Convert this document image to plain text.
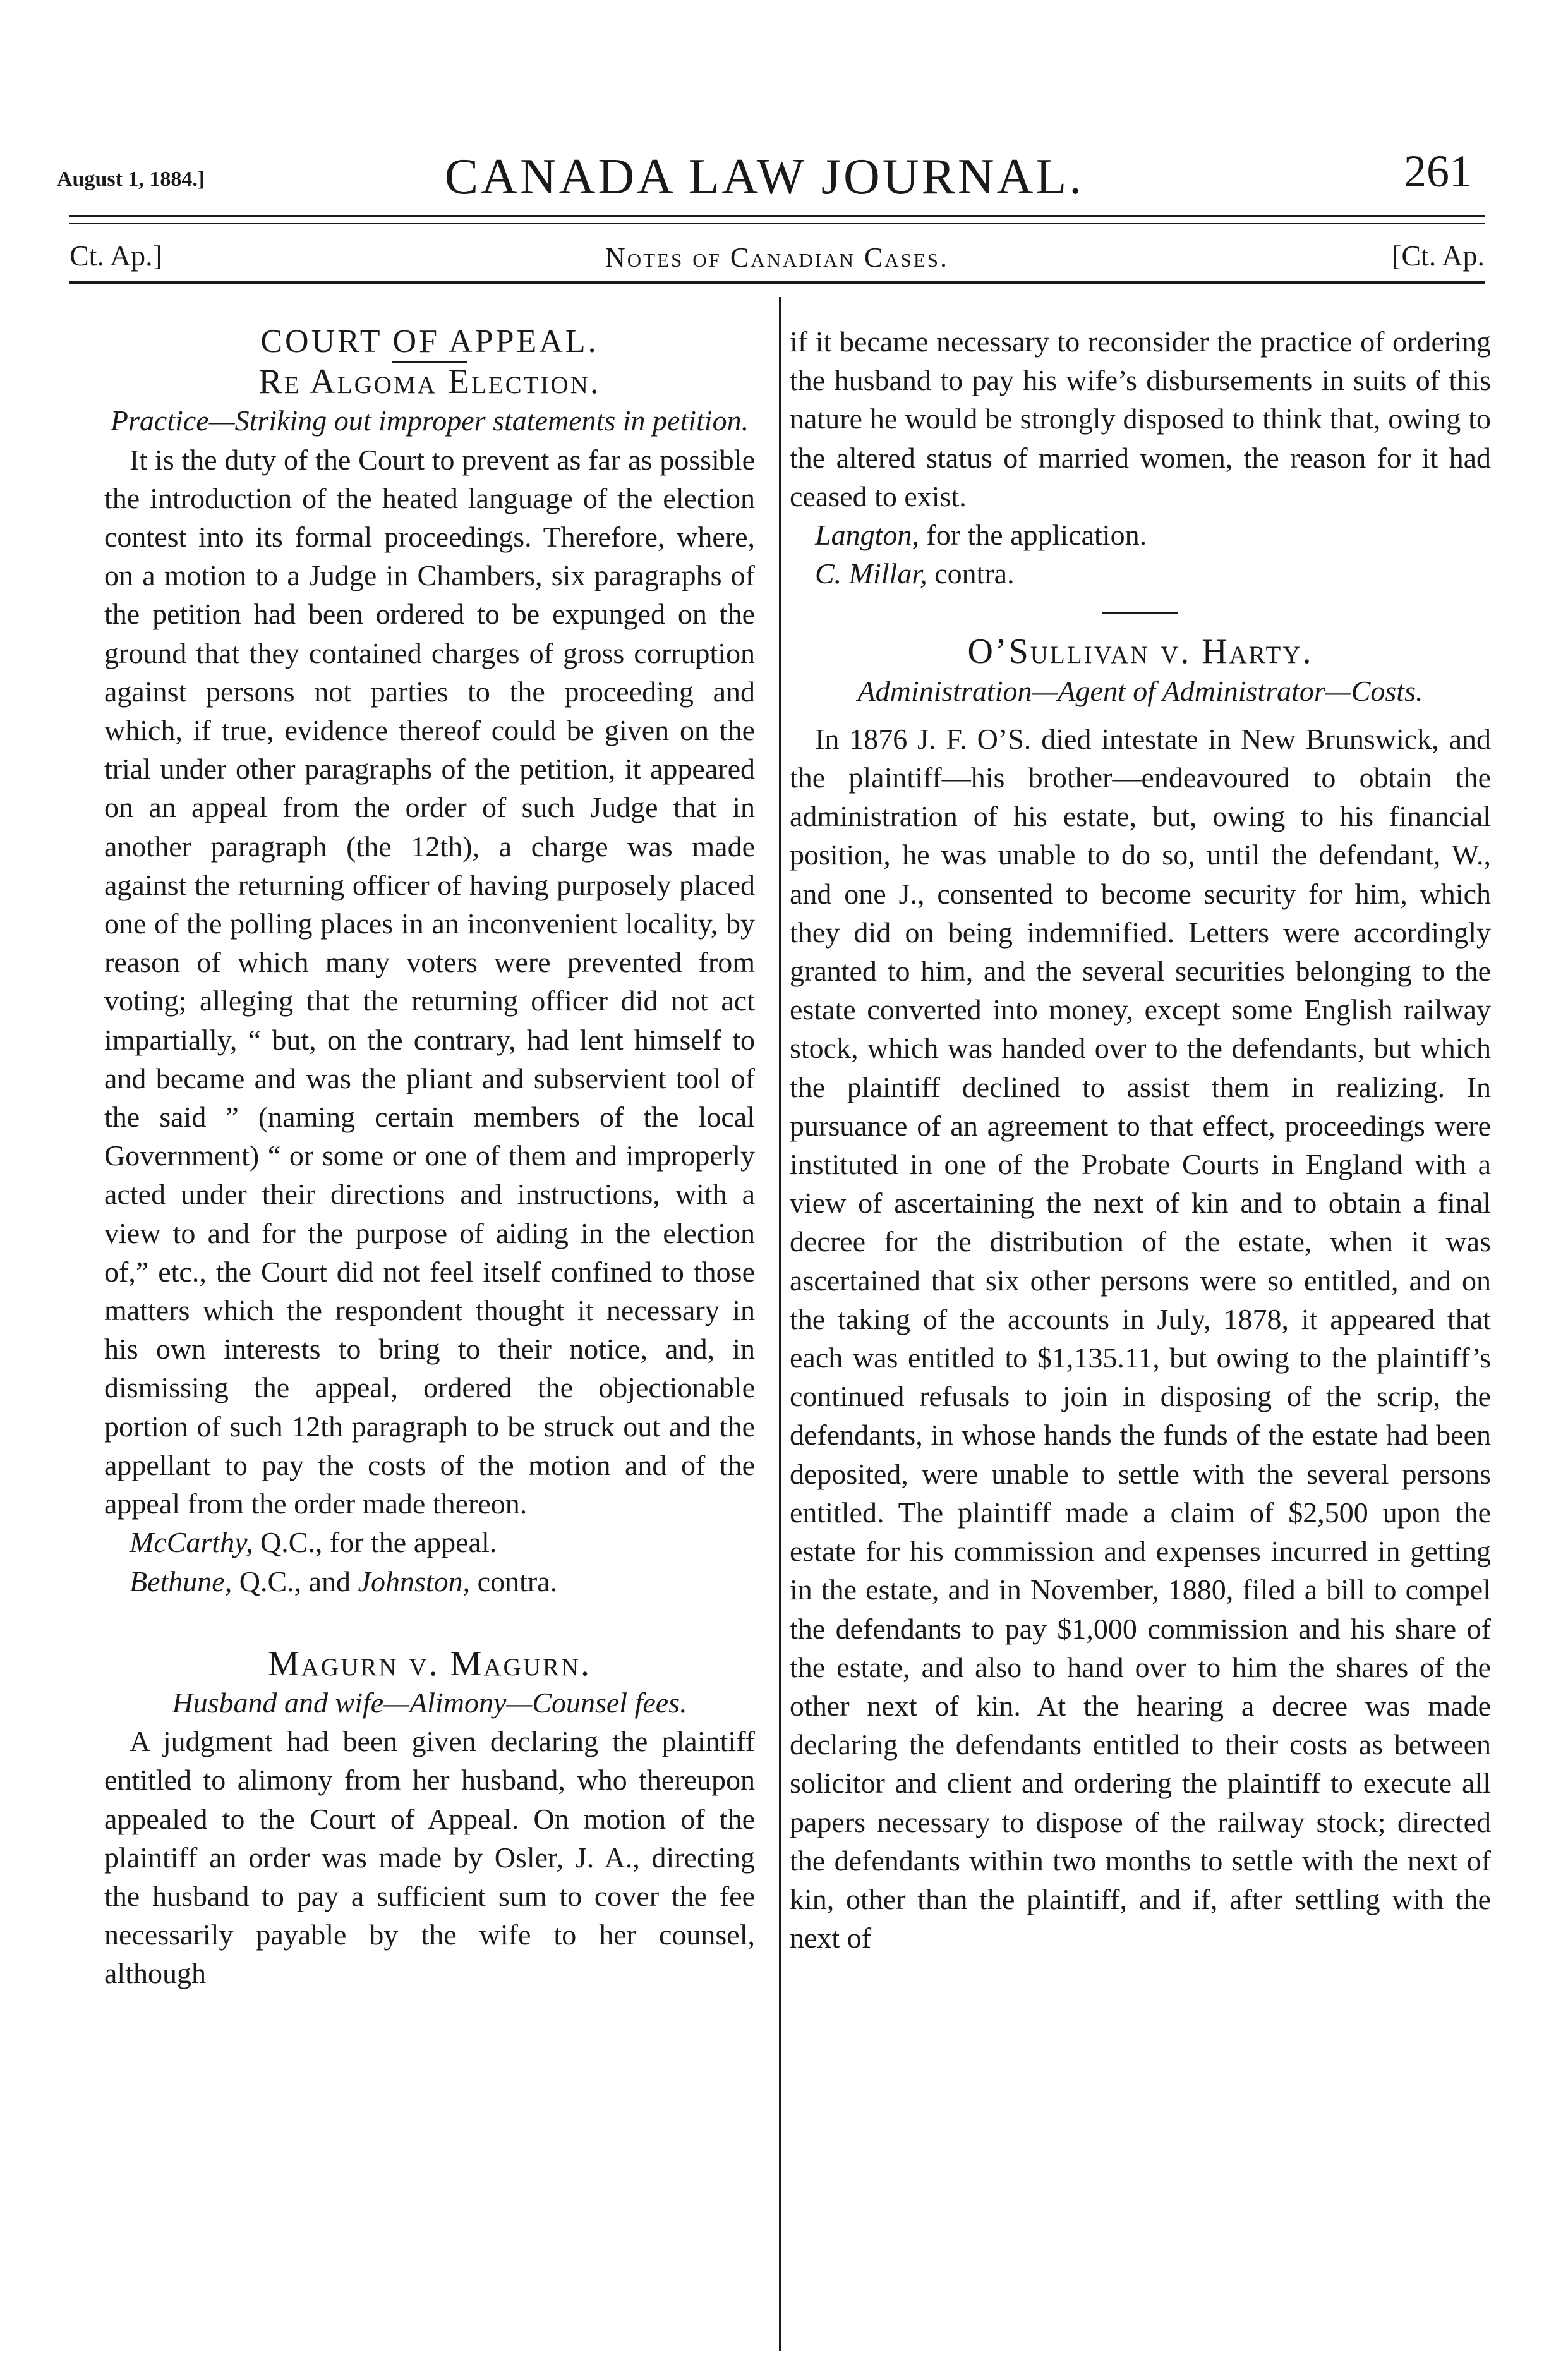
August 1, 1884.]	CANADA LAW JOURNAL.	261
Ct. Ap.]	Notes of Canadian Cases.	[Ct. Ap.

COURT OF APPEAL.

Re Algoma Election.

Practice—Striking out improper statements in petition.

It is the duty of the Court to prevent as far as possible the introduction of the heated language of the election contest into its formal proceedings. Therefore, where, on a motion to a Judge in Chambers, six paragraphs of the petition had been ordered to be expunged on the ground that they contained charges of gross corruption against persons not parties to the proceeding and which, if true, evidence thereof could be given on the trial under other paragraphs of the petition, it appeared on an appeal from the order of such Judge that in another paragraph (the 12th), a charge was made against the returning officer of having purposely placed one of the polling places in an inconvenient locality, by reason of which many voters were prevented from voting; alleging that the returning officer did not act impartially, “ but, on the contrary, had lent himself to and became and was the pliant and subservient tool of the said ” (naming certain members of the local Government) “ or some or one of them and improperly acted under their directions and instructions, with a view to and for the purpose of aiding in the election of,” etc., the Court did not feel itself confined to those matters which the respondent thought it necessary in his own interests to bring to their notice, and, in dismissing the appeal, ordered the objectionable portion of such 12th paragraph to be struck out and the appellant to pay the costs of the motion and of the appeal from the order made thereon.

McCarthy, Q.C., for the appeal.

Bethune, Q.C., and Johnston, contra.

Magurn v. Magurn.

Husband and wife—Alimony—Counsel fees.

A judgment had been given declaring the plaintiff entitled to alimony from her husband, who thereupon appealed to the Court of Appeal. On motion of the plaintiff an order was made by Osler, J. A., directing the husband to pay a sufficient sum to cover the fee necessarily payable by the wife to her counsel, although

if it became necessary to reconsider the practice of ordering the husband to pay his wife’s disbursements in suits of this nature he would be strongly disposed to think that, owing to the altered status of married women, the reason for it had ceased to exist.

Langton, for the application.

C. Millar, contra.

O’Sullivan v. Harty.

Administration—Agent of Administrator—Costs.

In 1876 J. F. O’S. died intestate in New Brunswick, and the plaintiff—his brother—endeavoured to obtain the administration of his estate, but, owing to his financial position, he was unable to do so, until the defendant, W., and one J., consented to become security for him, which they did on being indemnified. Letters were accordingly granted to him, and the several securities belonging to the estate converted into money, except some English railway stock, which was handed over to the defendants, but which the plaintiff declined to assist them in realizing. In pursuance of an agreement to that effect, proceedings were instituted in one of the Probate Courts in England with a view of ascertaining the next of kin and to obtain a final decree for the distribution of the estate, when it was ascertained that six other persons were so entitled, and on the taking of the accounts in July, 1878, it appeared that each was entitled to $1,135.11, but owing to the plaintiff’s continued refusals to join in disposing of the scrip, the defendants, in whose hands the funds of the estate had been deposited, were unable to settle with the several persons entitled. The plaintiff made a claim of $2,500 upon the estate for his commission and expenses incurred in getting in the estate, and in November, 1880, filed a bill to compel the defendants to pay $1,000 commission and his share of the estate, and also to hand over to him the shares of the other next of kin. At the hearing a decree was made declaring the defendants entitled to their costs as between solicitor and client and ordering the plaintiff to execute all papers necessary to dispose of the railway stock; directed the defendants within two months to settle with the next of kin, other than the plaintiff, and if, after settling with the next of
